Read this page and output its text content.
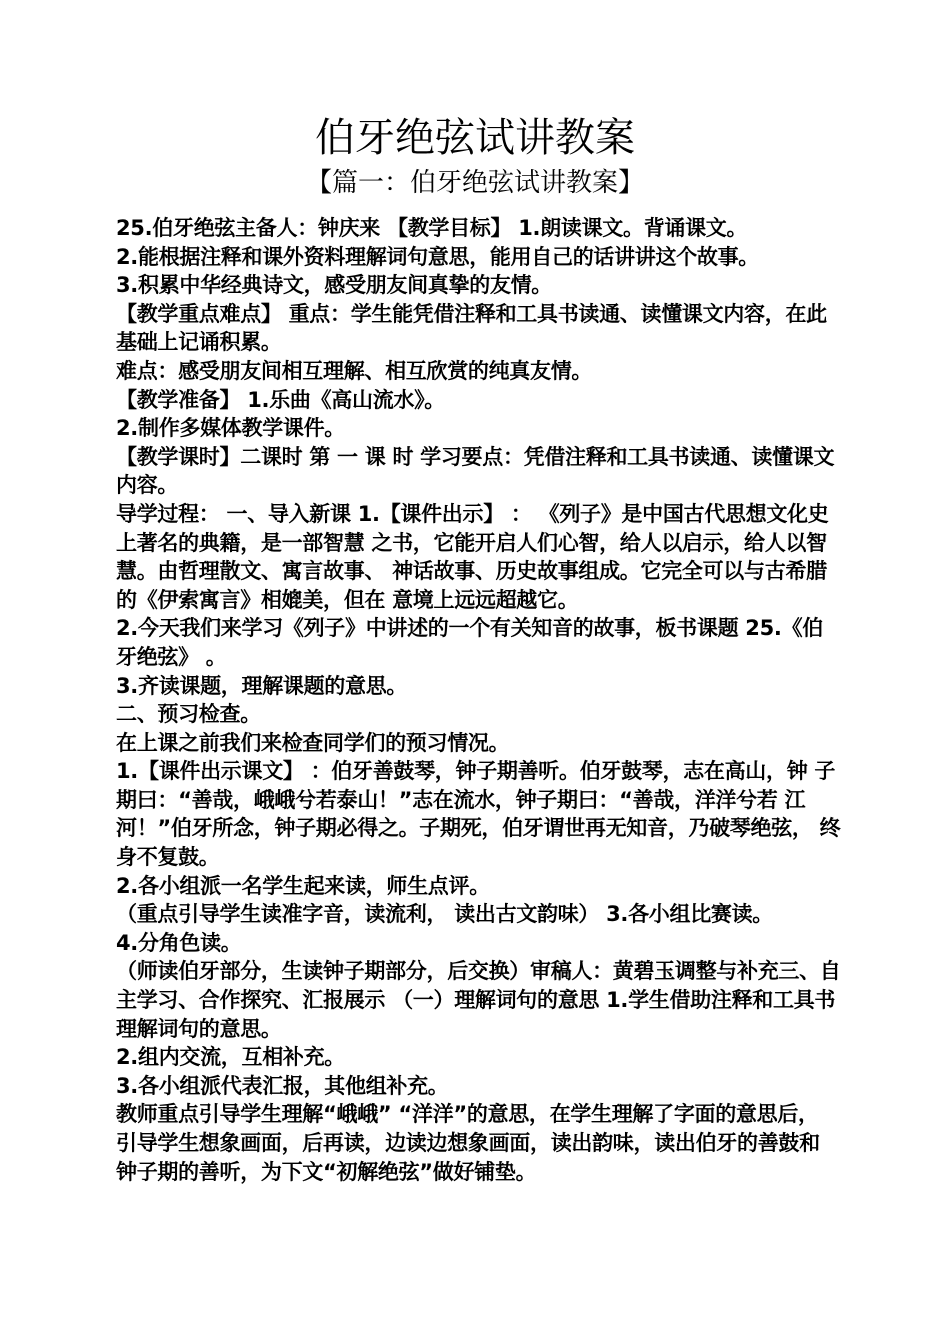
伯牙绝弦试讲教案
【篇一：伯牙绝弦试讲教案】

25.伯牙绝弦主备人：钟庆来 【教学目标】 1.朗读课文。背诵课文。

2.能根据注释和课外资料理解词句意思，能用自己的话讲讲这个故事。

3.积累中华经典诗文，感受朋友间真挚的友情。

【教学重点难点】 重点：学生能凭借注释和工具书读通、读懂课文内容，在此基础上记诵积累。

难点：感受朋友间相互理解、相互欣赏的纯真友情。

【教学准备】 1.乐曲《高山流水》。

2.制作多媒体教学课件。

【教学课时】二课时 第 一 课 时 学习要点：凭借注释和工具书读通、读懂课文内容。

导学过程： 一、导入新课 1.【课件出示】 ： 《列子》是中国古代思想文化史上著名的典籍，是一部智慧 之书，它能开启人们心智，给人以启示，给人以智慧。由哲理散文、寓言故事、 神话故事、历史故事组成。它完全可以与古希腊的《伊索寓言》相媲美，但在 意境上远远超越它。

2.今天我们来学习《列子》中讲述的一个有关知音的故事，板书课题 25.《伯 牙绝弦》 。

3.齐读课题，理解课题的意思。

二、预习检查。

在上课之前我们来检查同学们的预习情况。

1.【课件出示课文】 ：伯牙善鼓琴，钟子期善听。伯牙鼓琴，志在高山，钟 子期曰：“善哉，峨峨兮若泰山！”志在流水，钟子期曰：“善哉，洋洋兮若 江河！”伯牙所念，钟子期必得之。子期死，伯牙谓世再无知音，乃破琴绝弦， 终身不复鼓。

2.各小组派一名学生起来读，师生点评。

（重点引导学生读准字音，读流利， 读出古文韵味） 3.各小组比赛读。

4.分角色读。

（师读伯牙部分，生读钟子期部分，后交换）审稿人：黄碧玉调整与补充三、自主学习、合作探究、汇报展示 （一）理解词句的意思 1.学生借助注释和工具书理解词句的意思。

2.组内交流，互相补充。

3.各小组派代表汇报，其他组补充。

教师重点引导学生理解“峨峨” “洋洋”的意思，在学生理解了字面的意思后， 引导学生想象画面，后再读，边读边想象画面，读出韵味，读出伯牙的善鼓和 钟子期的善听，为下文“初解绝弦”做好铺垫。
